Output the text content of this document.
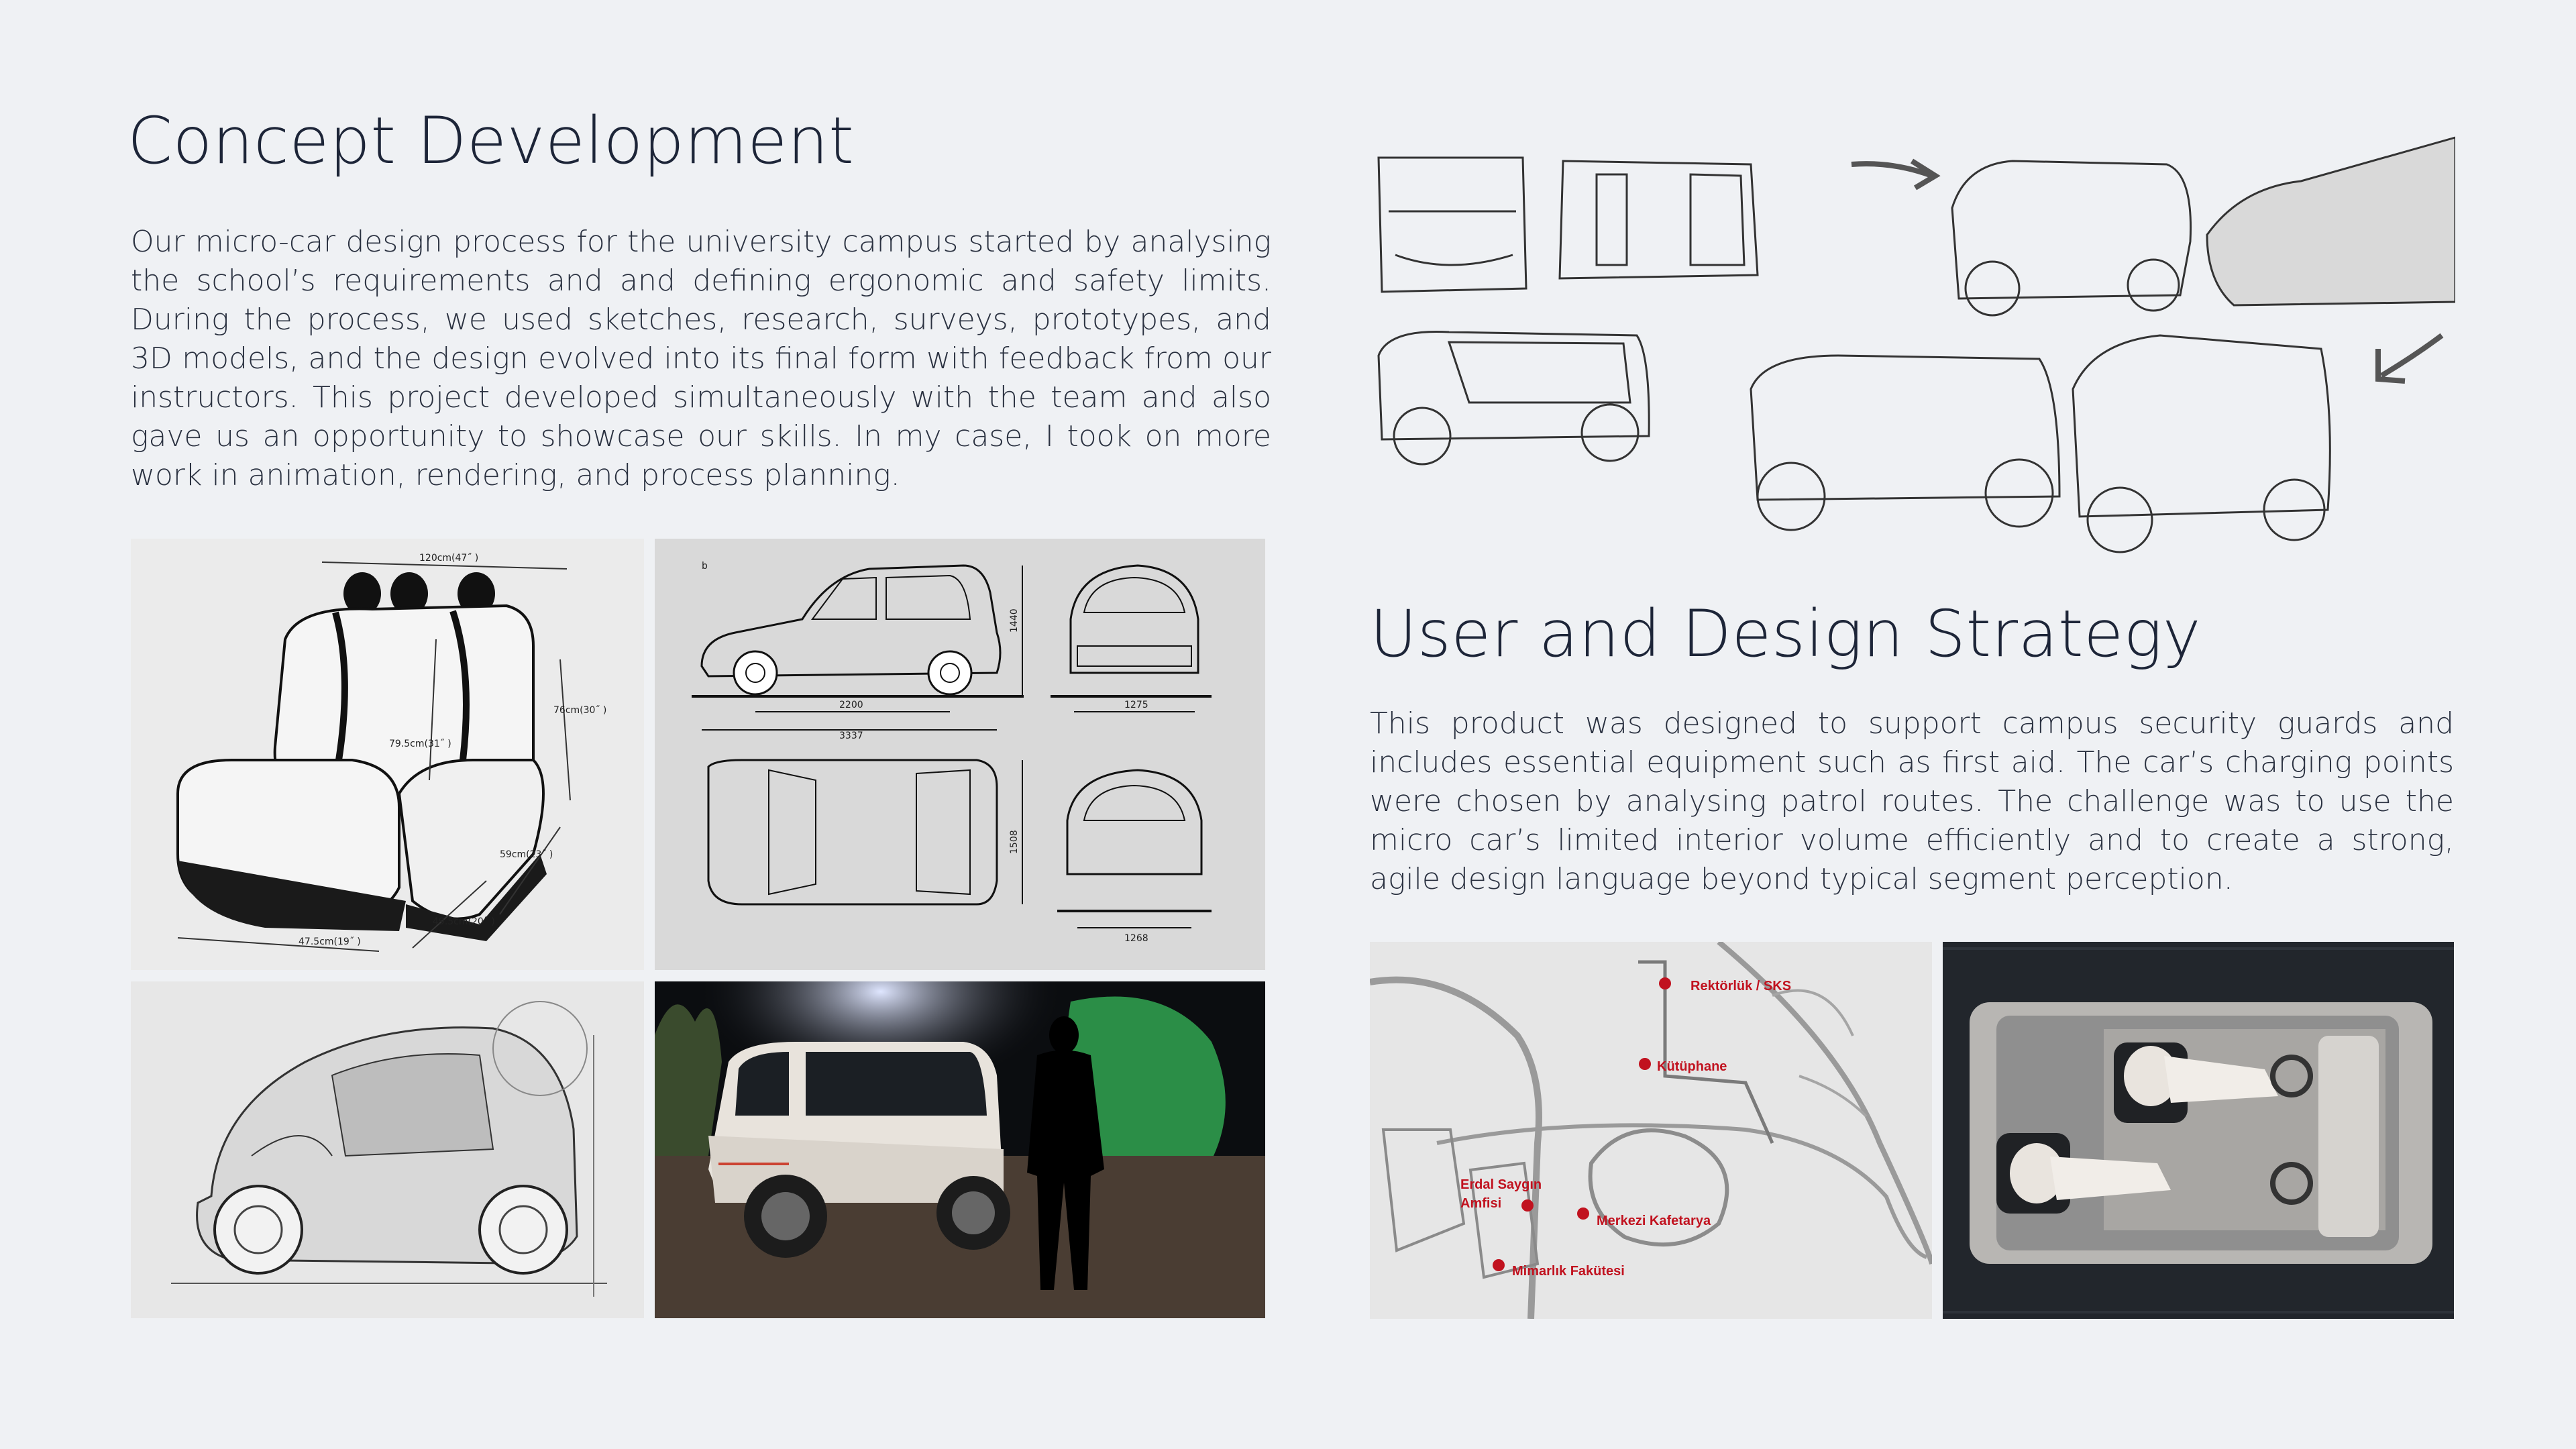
Concept Development

Our micro-car design process for the university campus started by analysing the school’s requirements and and defining ergonomic and safety limits. During the process, we used sketches, research, surveys, prototypes, and 3D models, and the design evolved into its final form with feedback from our instructors. This project developed simultaneously with the team and also gave us an opportunity to showcase our skills. In my case, I took on more work in animation, rendering, and process planning.

120cm(47˝ )
79.5cm(31˝ )
76cm(30˝ )
59cm(23˝ )
49.5cm(20˝ )
47.5cm(19˝ )
b
2200
3337
1440
1275
1508
1268
User and Design Strategy

This product was designed to support campus security guards and includes essential equipment such as first aid. The car’s charging points were chosen by analysing patrol routes. The challenge was to use the micro car’s limited interior volume efficiently and to create a strong, agile design language beyond typical segment perception.

Rektörlük / SKS
Kütüphane
Erdal Saygın
Amfisi
Merkezi Kafetarya
Mimarlık Fakütesi
